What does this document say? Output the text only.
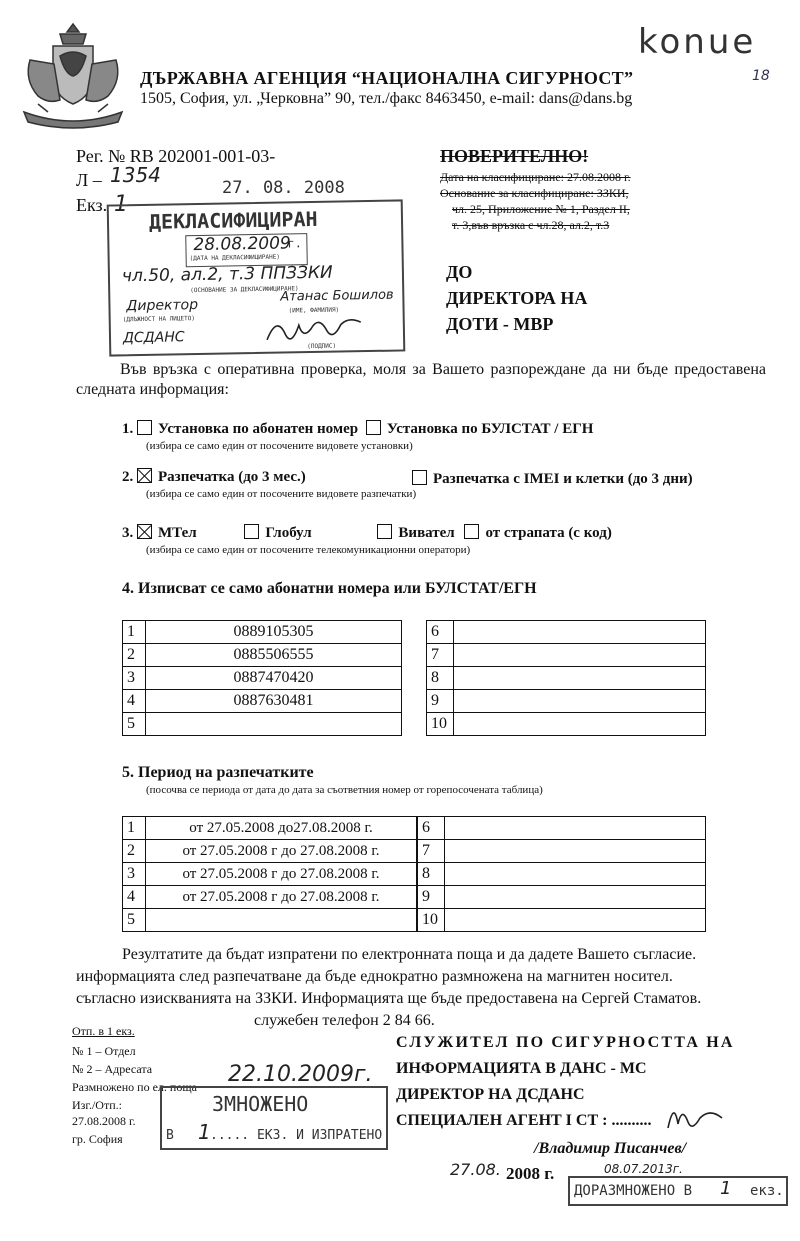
konue
18
ДЪРЖАВНА АГЕНЦИЯ “НАЦИОНАЛНА СИГУРНОСТ”
1505, София, ул. „Черковна” 90, тел./факс 8463450, e-mail: dans@dans.bg
Рег. № RB 202001-001-03-
Л – 1354
Екз. 1
27. 08. 2008
ПОВЕРИТЕЛНО!
Дата на класифициране: 27.08.2008 г.
Основание за класифициране: ЗЗКИ,
чл. 25, Приложение № 1, Раздел II,
т. 3,във връзка с чл.28, ал.2, т.3
ДЕКЛАСИФИЦИРАН
28.08.2009
г.
(ДАТА НА ДЕКЛАСИФИЦИРАНЕ)
чл.50, ал.2, т.3 ППЗЗКИ
(ОСНОВАНИЕ ЗА ДЕКЛАСИФИЦИРАНЕ)
Директор
Атанас Бошилов
(ДЛЪЖНОСТ НА ЛИЦЕТО)
(ИМЕ, ФАМИЛИЯ)
ДСДАНС
(ПОДПИС)
ДО
ДИРЕКТОРА НА
ДОТИ - МВР
Във връзка с оперативна проверка, моля за Вашето разпореждане да ни бъде предоставена следната информация:
1. Установка по абонатен номер Установка по БУЛСТАТ / ЕГН
(избира се само един от посочените видовете установки)
2. Разпечатка (до 3 мес.)	Разпечатка с IMEI и клетки (до 3 дни)
(избира се само един от посочените видовете разпечатки)
3. МТел	Глобул	Вивател от страпата (с код)
(избира се само един от посочените телекомуникационни оператори)
4. Изписват се само абонатни номера или БУЛСТАТ/ЕГН
1	0889105305
2	0885506555
3	0887470420
4	0887630481
5	
6	
7	
8	
9	
10	
5. Период на разпечатките
(посочва се периода от дата до дата за съответния номер от горепосочената таблица)
1	от 27.05.2008 до27.08.2008 г.	6	
2	от 27.05.2008 г до 27.08.2008 г.	7	
3	от 27.05.2008 г до 27.08.2008 г.	8	
4	от 27.05.2008 г до 27.08.2008 г.	9	
5		10	
Резултатите да бъдат изпратени по електронната поща и да дадете Вашето съгласие.
информацията след разпечатване да бъде еднократно размножена на магнитен носител.
съгласно изискванията на ЗЗКИ. Информацията ще бъде предоставена на Сергей Стаматов.
служебен телефон 2 84 66.
Отп. в 1 екз.
№ 1 – Отдел
№ 2 – Адресата
Размножено по ел. поща
Изг./Отп.:
27.08.2008 г.
гр. София
22.10.2009г.
ЗМНОЖЕНО
В 1 ..... ЕКЗ. И ИЗПРАТЕНО
СЛУЖИТЕЛ ПО СИГУРНОСТТА НА
ИНФОРМАЦИЯТА В ДАНС - МС
ДИРЕКТОР НА ДСДАНС
СПЕЦИАЛЕН АГЕНТ I СТ : ..........
/Владимир Писанчев/
27.08. 2008 г.	08.07.2013г.
ДОРАЗМНОЖЕНО В 1 екз.
